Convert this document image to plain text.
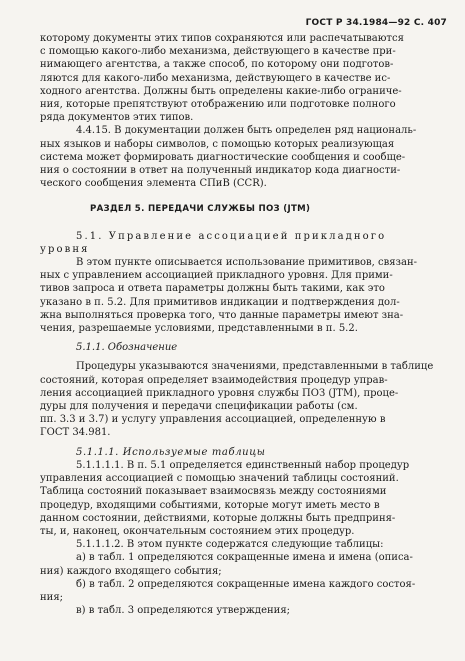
ГОСТ Р 34.1984—92 С. 407
которому документы этих типов сохраняются или распечатываются
с помощью какого-либо механизма, действующего в качестве при-
нимающего агентства, а также способ, по которому они подготов-
ляются для какого-либо механизма, действующего в качестве ис-
ходного агентства. Должны быть определены какие-либо ограниче-
ния, которые препятствуют отображению или подготовке полного
ряда документов этих типов.
4.4.15. В документации должен быть определен ряд националь-
ных языков и наборы символов, с помощью которых реализующая
система может формировать диагностические сообщения и сообще-
ния о состоянии в ответ на полученный индикатор кода диагности-
ческого сообщения элемента СПиВ (CCR).
РАЗДЕЛ 5. ПЕРЕДАЧИ СЛУЖБЫ ПОЗ (JTM)
5.1. Управление ассоциацией прикладного
уровня
В этом пункте описывается использование примитивов, связан-
ных с управлением ассоциацией прикладного уровня. Для прими-
тивов запроса и ответа параметры должны быть такими, как это
указано в п. 5.2. Для примитивов индикации и подтверждения дол-
жна выполняться проверка того, что данные параметры имеют зна-
чения, разрешаемые условиями, представленными в п. 5.2.
5.1.1. Обозначение
Процедуры указываются значениями, представленными в таблице
состояний, которая определяет взаимодействия процедур управ-
ления ассоциацией прикладного уровня службы ПОЗ (JTM), проце-
дуры для получения и передачи спецификации работы (см.
пп. 3.3 и 3.7) и услугу управления ассоциацией, определенную в
ГОСТ 34.981.
5.1.1.1. Используемые таблицы
5.1.1.1.1. В п. 5.1 определяется единственный набор процедур
управления ассоциацией с помощью значений таблицы состояний.
Таблица состояний показывает взаимосвязь между состояниями
процедур, входящими событиями, которые могут иметь место в
данном состоянии, действиями, которые должны быть предприня-
ты, и, наконец, окончательным состоянием этих процедур.
5.1.1.1.2. В этом пункте содержатся следующие таблицы:
а) в табл. 1 определяются сокращенные имена и имена (описа-
ния) каждого входящего события;
б) в табл. 2 определяются сокращенные имена каждого состоя-
ния;
в) в табл. 3 определяются утверждения;
